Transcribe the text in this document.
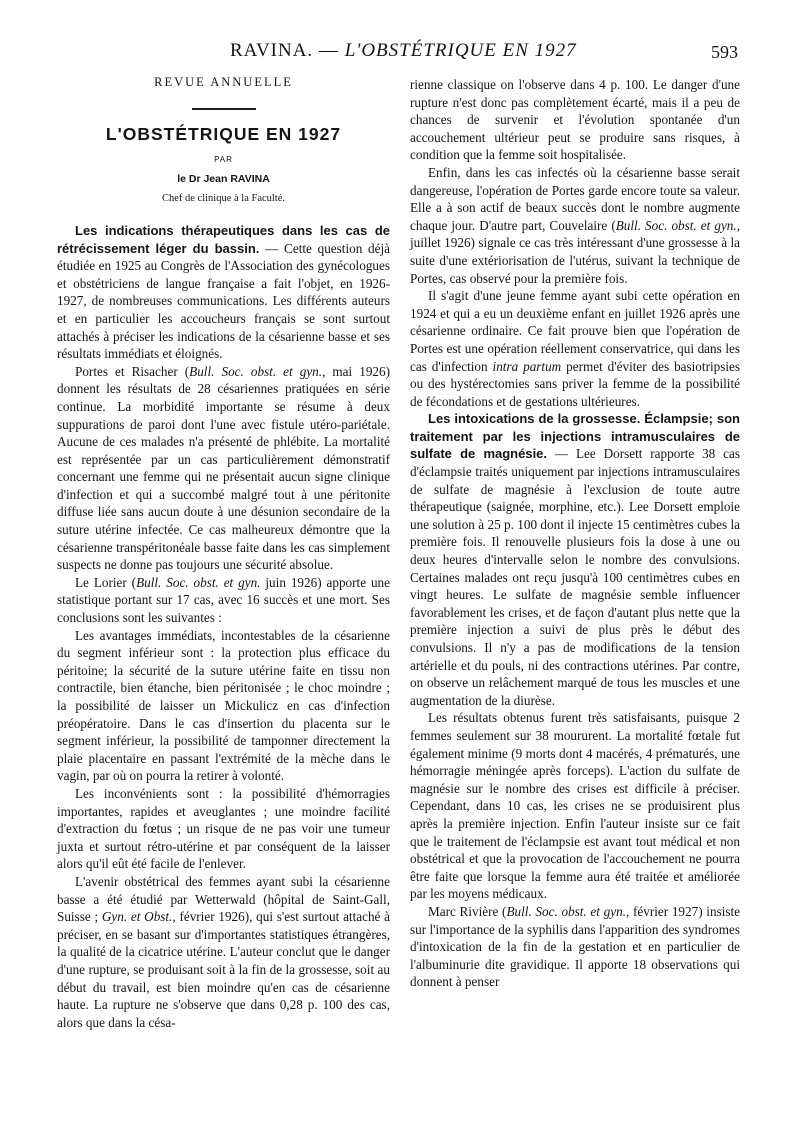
RAVINA. — L'OBSTÉTRIQUE EN 1927	593
REVUE ANNUELLE
L'OBSTÉTRIQUE EN 1927
PAR
le Dr Jean RAVINA
Chef de clinique à la Faculté.

Les indications thérapeutiques dans les cas de rétrécissement léger du bassin. — Cette question déjà étudiée en 1925 au Congrès de l'Association des gynécologues et obstétriciens de langue française a fait l'objet, en 1926-1927, de nombreuses communications. Les différents auteurs et en particulier les accoucheurs français se sont surtout attachés à préciser les indications de la césarienne basse et ses résultats immédiats et éloignés.

Portes et Risacher (Bull. Soc. obst. et gyn., mai 1926) donnent les résultats de 28 césariennes pratiquées en série continue. La morbidité importante se résume à deux suppurations de paroi dont l'une avec fistule utéro-pariétale. Aucune de ces malades n'a présenté de phlébite. La mortalité est représentée par un cas particulièrement démonstratif concernant une femme qui ne présentait aucun signe clinique d'infection et qui a succombé malgré tout à une péritonite diffuse liée sans aucun doute à une désunion secondaire de la suture utérine infectée. Ce cas malheureux démontre que la césarienne transpéritonéale basse faite dans les cas simplement suspects ne donne pas toujours une sécurité absolue.

Le Lorier (Bull. Soc. obst. et gyn. juin 1926) apporte une statistique portant sur 17 cas, avec 16 succès et une mort. Ses conclusions sont les suivantes :

Les avantages immédiats, incontestables de la césarienne du segment inférieur sont : la protection plus efficace du péritoine; la sécurité de la suture utérine faite en tissu non contractile, bien étanche, bien péritonisée ; le choc moindre ; la possibilité de laisser un Mickulicz en cas d'infection préopératoire. Dans le cas d'insertion du placenta sur le segment inférieur, la possibilité de tamponner directement la plaie placentaire en passant l'extrémité de la mèche dans le vagin, par où on pourra la retirer à volonté.

Les inconvénients sont : la possibilité d'hémorragies importantes, rapides et aveuglantes ; une moindre facilité d'extraction du fœtus ; un risque de ne pas voir une tumeur juxta et surtout rétro-utérine et par conséquent de la laisser alors qu'il eût été facile de l'enlever.

L'avenir obstétrical des femmes ayant subi la césarienne basse a été étudié par Wetterwald (hôpital de Saint-Gall, Suisse ; Gyn. et Obst., février 1926), qui s'est surtout attaché à préciser, en se basant sur d'importantes statistiques étrangères, la qualité de la cicatrice utérine. L'auteur conclut que le danger d'une rupture, se produisant soit à la fin de la grossesse, soit au début du travail, est bien moindre qu'en cas de césarienne haute. La rupture ne s'observe que dans 0,28 p. 100 des cas, alors que dans la césa-

rienne classique on l'observe dans 4 p. 100. Le danger d'une rupture n'est donc pas complètement écarté, mais il a peu de chances de survenir et l'évolution spontanée d'un accouchement ultérieur peut se produire sans risques, à condition que la femme soit hospitalisée.

Enfin, dans les cas infectés où la césarienne basse serait dangereuse, l'opération de Portes garde encore toute sa valeur. Elle a à son actif de beaux succès dont le nombre augmente chaque jour. D'autre part, Couvelaire (Bull. Soc. obst. et gyn., juillet 1926) signale ce cas très intéressant d'une grossesse à la suite d'une extériorisation de l'utérus, suivant la technique de Portes, cas observé pour la première fois.

Il s'agit d'une jeune femme ayant subi cette opération en 1924 et qui a eu un deuxième enfant en juillet 1926 après une césarienne ordinaire. Ce fait prouve bien que l'opération de Portes est une opération réellement conservatrice, qui dans les cas d'infection intra partum permet d'éviter des basiotripsies ou des hystérectomies sans priver la femme de la possibilité de fécondations et de gestations ultérieures.

Les intoxications de la grossesse. Éclampsie; son traitement par les injections intramusculaires de sulfate de magnésie. — Lee Dorsett rapporte 38 cas d'éclampsie traités uniquement par injections intramusculaires de sulfate de magnésie à l'exclusion de toute autre thérapeutique (saignée, morphine, etc.). Lee Dorsett emploie une solution à 25 p. 100 dont il injecte 15 centimètres cubes la première fois. Il renouvelle plusieurs fois la dose à une ou deux heures d'intervalle selon le nombre des convulsions. Certaines malades ont reçu jusqu'à 100 centimètres cubes en vingt heures. Le sulfate de magnésie semble influencer favorablement les crises, et de façon d'autant plus nette que la première injection a suivi de plus près le début des convulsions. Il n'y a pas de modifications de la tension artérielle et du pouls, ni des contractions utérines. Par contre, on observe un relâchement marqué de tous les muscles et une augmentation de la diurèse.

Les résultats obtenus furent très satisfaisants, puisque 2 femmes seulement sur 38 moururent. La mortalité fœtale fut également minime (9 morts dont 4 macérés, 4 prématurés, une hémorragie méningée après forceps). L'action du sulfate de magnésie sur le nombre des crises est difficile à préciser. Cependant, dans 10 cas, les crises ne se produisirent plus après la première injection. Enfin l'auteur insiste sur ce fait que le traitement de l'éclampsie est avant tout médical et non obstétrical et que la provocation de l'accouchement ne pourra être faite que lorsque la femme aura été traitée et améliorée par les moyens médicaux.

Marc Rivière (Bull. Soc. obst. et gyn., février 1927) insiste sur l'importance de la syphilis dans l'apparition des syndromes d'intoxication de la fin de la gestation et en particulier de l'albuminurie dite gravidique. Il apporte 18 observations qui donnent à penser
